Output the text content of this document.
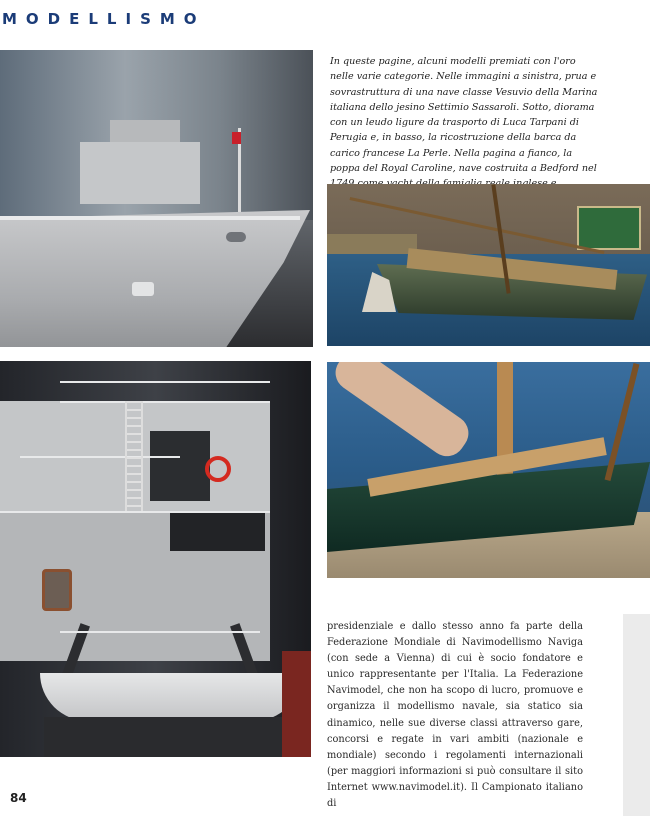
MODELLISMO

In queste pagine, alcuni modelli premiati con l'oro nelle varie categorie. Nelle immagini a sinistra, prua e sovrastruttura di una nave classe Vesuvio della Marina italiana dello jesino Settimio Sassaroli. Sotto, diorama con un leudo ligure da trasporto di Luca Tarpani di Perugia e, in basso, la ricostruzione della barca da carico francese La Perle. Nella pagina a fianco, la poppa del Royal Caroline, nave costruita a Bedford nel

presidenziale e dallo stesso anno fa parte della Federazione Mondiale di Navimodellismo Naviga (con sede a Vienna) di cui è socio fondatore e unico rappresentante per l'Italia. La Federazione Navimodel, che non ha scopo di lucro, promuove e organizza il modellismo navale, sia statico sia dinamico, nelle sue diverse classi attraverso gare, concorsi e regate in vari ambiti (nazionale e mondiale) secondo i regolamenti internazionali (per maggiori informazioni si può consultare il sito Internet www.navimodel.it). Il Campionato italiano di

84
